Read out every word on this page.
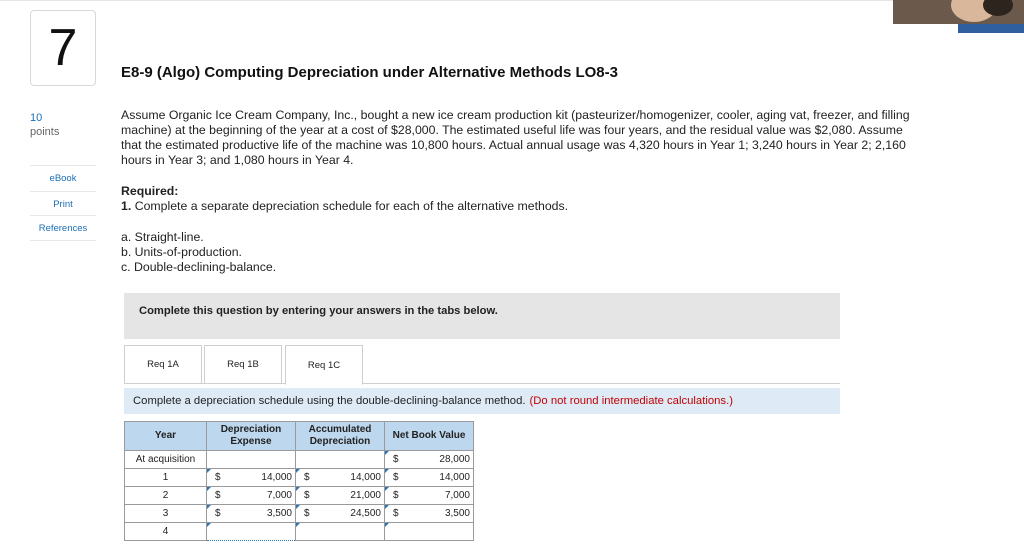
7
10
points
eBook
Print
References
E8-9 (Algo) Computing Depreciation under Alternative Methods LO8-3
Assume Organic Ice Cream Company, Inc., bought a new ice cream production kit (pasteurizer/homogenizer, cooler, aging vat, freezer, and filling machine) at the beginning of the year at a cost of $28,000. The estimated useful life was four years, and the residual value was $2,080. Assume that the estimated productive life of the machine was 10,800 hours. Actual annual usage was 4,320 hours in Year 1; 3,240 hours in Year 2; 2,160 hours in Year 3; and 1,080 hours in Year 4.
Required:
1. Complete a separate depreciation schedule for each of the alternative methods.
a. Straight-line.
b. Units-of-production.
c. Double-declining-balance.
Complete this question by entering your answers in the tabs below.
Req 1A	Req 1B	Req 1C
Complete a depreciation schedule using the double-declining-balance method. (Do not round intermediate calculations.)
Year	Depreciation Expense	Accumulated Depreciation	Net Book Value
At acquisition			$ 28,000

1	$ 14,000	$ 14,000	$ 14,000

2	$ 7,000	$ 21,000	$ 7,000

3	$ 3,500	$ 24,500	$ 3,500

4	
